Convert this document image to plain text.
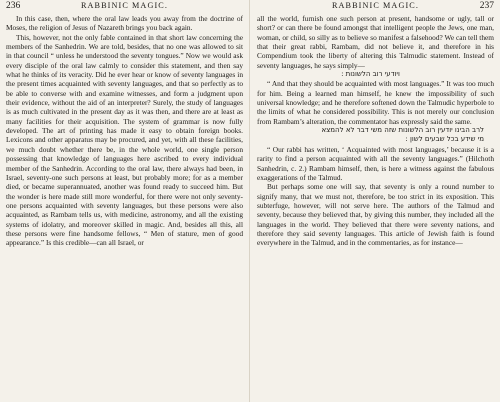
236	RABBINIC MAGIC.

In this case, then, where the oral law leads you away from the doctrine of Moses, the religion of Jesus of Nazareth brings you back again.

This, however, not the only fable contained in that short law concerning the members of the Sanhedrin. We are told, besides, that no one was allowed to sit in that council “ unless he understood the seventy tongues.” Now we would ask every disciple of the oral law calmly to consider this statement, and then say what he thinks of its veracity. Did he ever hear or know of seventy languages in the present times acquainted with seventy languages, and that so perfectly as to be able to converse with and examine witnesses, and form a judgment upon their evidence, without the aid of an interpreter? Surely, the study of languages is as much cultivated in the present day as it was then, and there are at least as many facilities for their acquisition. The system of grammar is now fully developed. The art of printing has made it easy to obtain foreign books. Lexicons and other apparatus may be procured, and yet, with all these facilities, we much doubt whether there be, in the whole world, one single person possessing that knowledge of languages here ascribed to every individual member of the Sanhedrin. According to the oral law, there always had been, in Israel, seventy-one such persons at least, but probably more; for as a member died, or became superannuated, another was found ready to succeed him. But the wonder is here made still more wonderful, for there were not only seventy-one persons acquainted with seventy languages, but these persons were also acquainted, as Rambam tells us, with medicine, astronomy, and all the existing systems of idolatry, and moreover skilled in magic. And, besides all this, all these persons were fine handsome fellows, “ Men of stature, men of good appearance.” Is this credible—can all Israel, or

RABBINIC MAGIC.	237

all the world, furnish one such person at present, handsome or ugly, tall or short? or can there be found amongst that intelligent people the Jews, one man, woman, or child, so silly as to believe so manifest a falsehood? We can tell them that their great rabbi, Rambam, did not believe it, and therefore in his Compendium took the liberty of altering this Talmudic statement. Instead of seventy languages, he says simply—

ויודעי רוב הלשונות :

“ And that they should be acquainted with most languages.” It was too much for him. Being a learned man himself, he knew the impossibility of such universal knowledge; and he therefore softened down the Talmudic hyperbole to the limits of what he considered possibility. This is not merely our conclusion from Rambam’s alteration, the commentator has expressly said the same.

לרב הבינו יודעין רוב הלשונות שזה משי דבר לא להמצא

מי שידע בכל שבעים לשון :

“ Our rabbi has written, ‘ Acquainted with most languages,’ because it is a rarity to find a person acquainted with all the seventy languages.” (Hilchoth Sanhedrin, c. 2.) Rambam himself, then, is here a witness against the fabulous exaggerations of the Talmud.

But perhaps some one will say, that seventy is only a round number to signify many, that we must not, therefore, be too strict in its exposition. This subterfuge, however, will not serve here. The authors of the Talmud and seventy, because they believed that, by giving this number, they included all the languages in the world. They believed that there were seventy nations, and therefore they said seventy languages. This article of Jewish faith is found everywhere in the Talmud, and in the commentaries, as for instance—
